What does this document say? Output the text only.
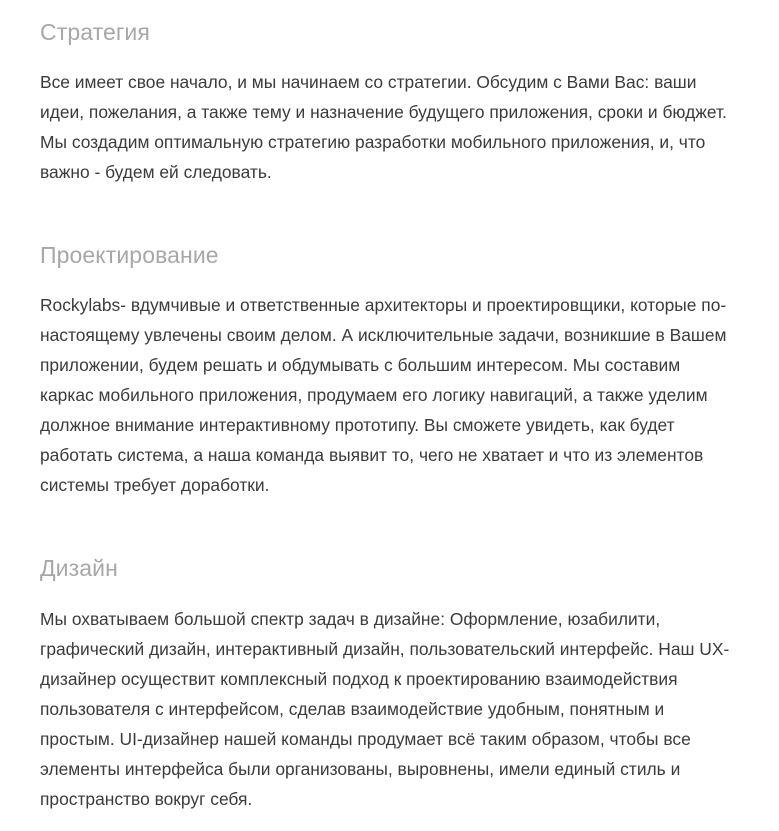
Стратегия

Все имеет свое начало, и мы начинаем со стратегии. Обсудим с Вами Вас: ваши
идеи, пожелания, а также тему и назначение будущего приложения, сроки и бюджет.
Мы создадим оптимальную стратегию разработки мобильного приложения, и, что
важно - будем ей следовать.

Проектирование

Rockylabs- вдумчивые и ответственные архитекторы и проектировщики, которые по-
настоящему увлечены своим делом. А исключительные задачи, возникшие в Вашем
приложении, будем решать и обдумывать с большим интересом. Мы составим
каркас мобильного приложения, продумаем его логику навигаций, а также уделим
должное внимание интерактивному прототипу. Вы сможете увидеть, как будет
работать система, а наша команда выявит то, чего не хватает и что из элементов
системы требует доработки.

Дизайн

Мы охватываем большой спектр задач в дизайне: Оформление, юзабилити,
графический дизайн, интерактивный дизайн, пользовательский интерфейс. Наш UX-
дизайнер осуществит комплексный подход к проектированию взаимодействия
пользователя с интерфейсом, сделав взаимодействие удобным, понятным и
простым. UI-дизайнер нашей команды продумает всё таким образом, чтобы все
элементы интерфейса были организованы, выровнены, имели единый стиль и
пространство вокруг себя.
